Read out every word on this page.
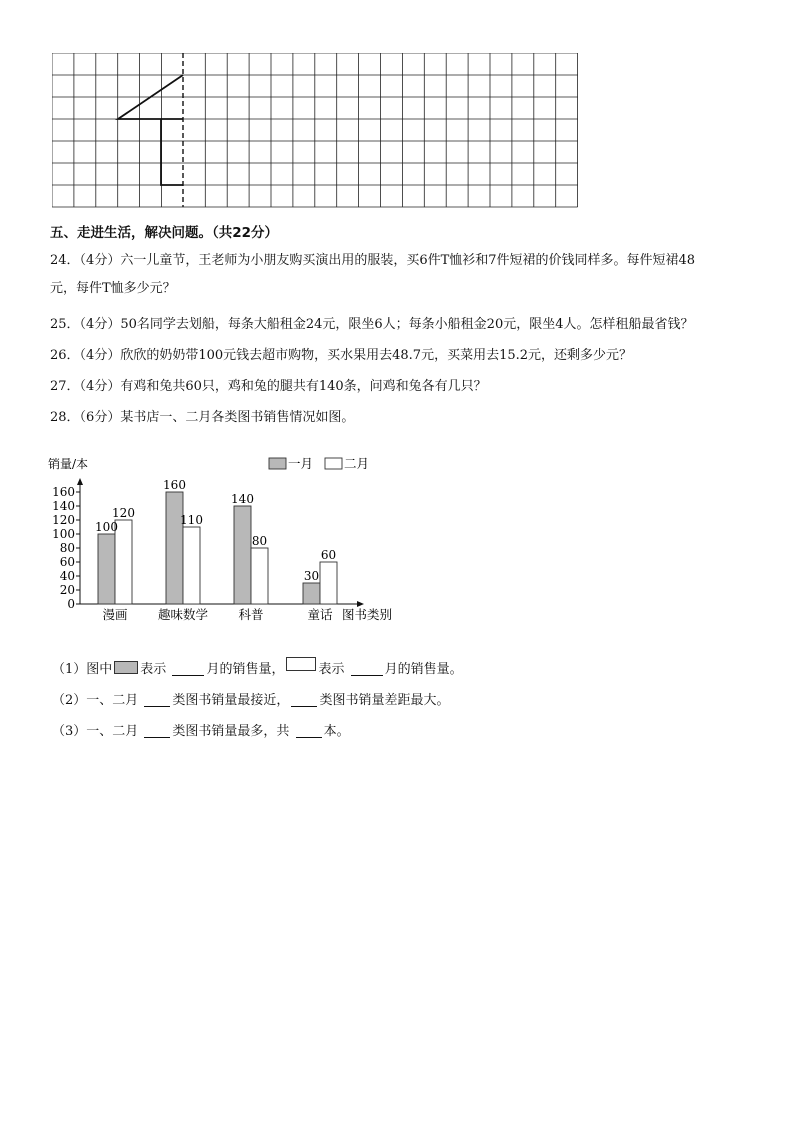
五、走进生活，解决问题。（共22分）
24．（4分）六一儿童节，王老师为小朋友购买演出用的服装，买6件T恤衫和7件短裙的价钱同样多。每件短裙48
元，每件T恤多少元？
25．（4分）50名同学去划船，每条大船租金24元，限坐6人；每条小船租金20元，限坐4人。怎样租船最省钱？
26．（4分）欣欣的奶奶带100元钱去超市购物，买水果用去48.7元，买菜用去15.2元，还剩多少元？
27．（4分）有鸡和兔共60只，鸡和兔的腿共有140条，问鸡和兔各有几只？
28．（6分）某书店一、二月各类图书销售情况如图。
销量/本
图书类别
0
20
40
60
80
100
120
140
160
漫画
100
120
趣味数学
160
110
科普
140
80
童话
30
60
一月 二月
（1）图中 表示	月的销售量，	表示	月的销售量。
（2）一、二月	类图书销量最接近， 类图书销量差距最大。
（3）一、二月	类图书销量最多，共	本。
